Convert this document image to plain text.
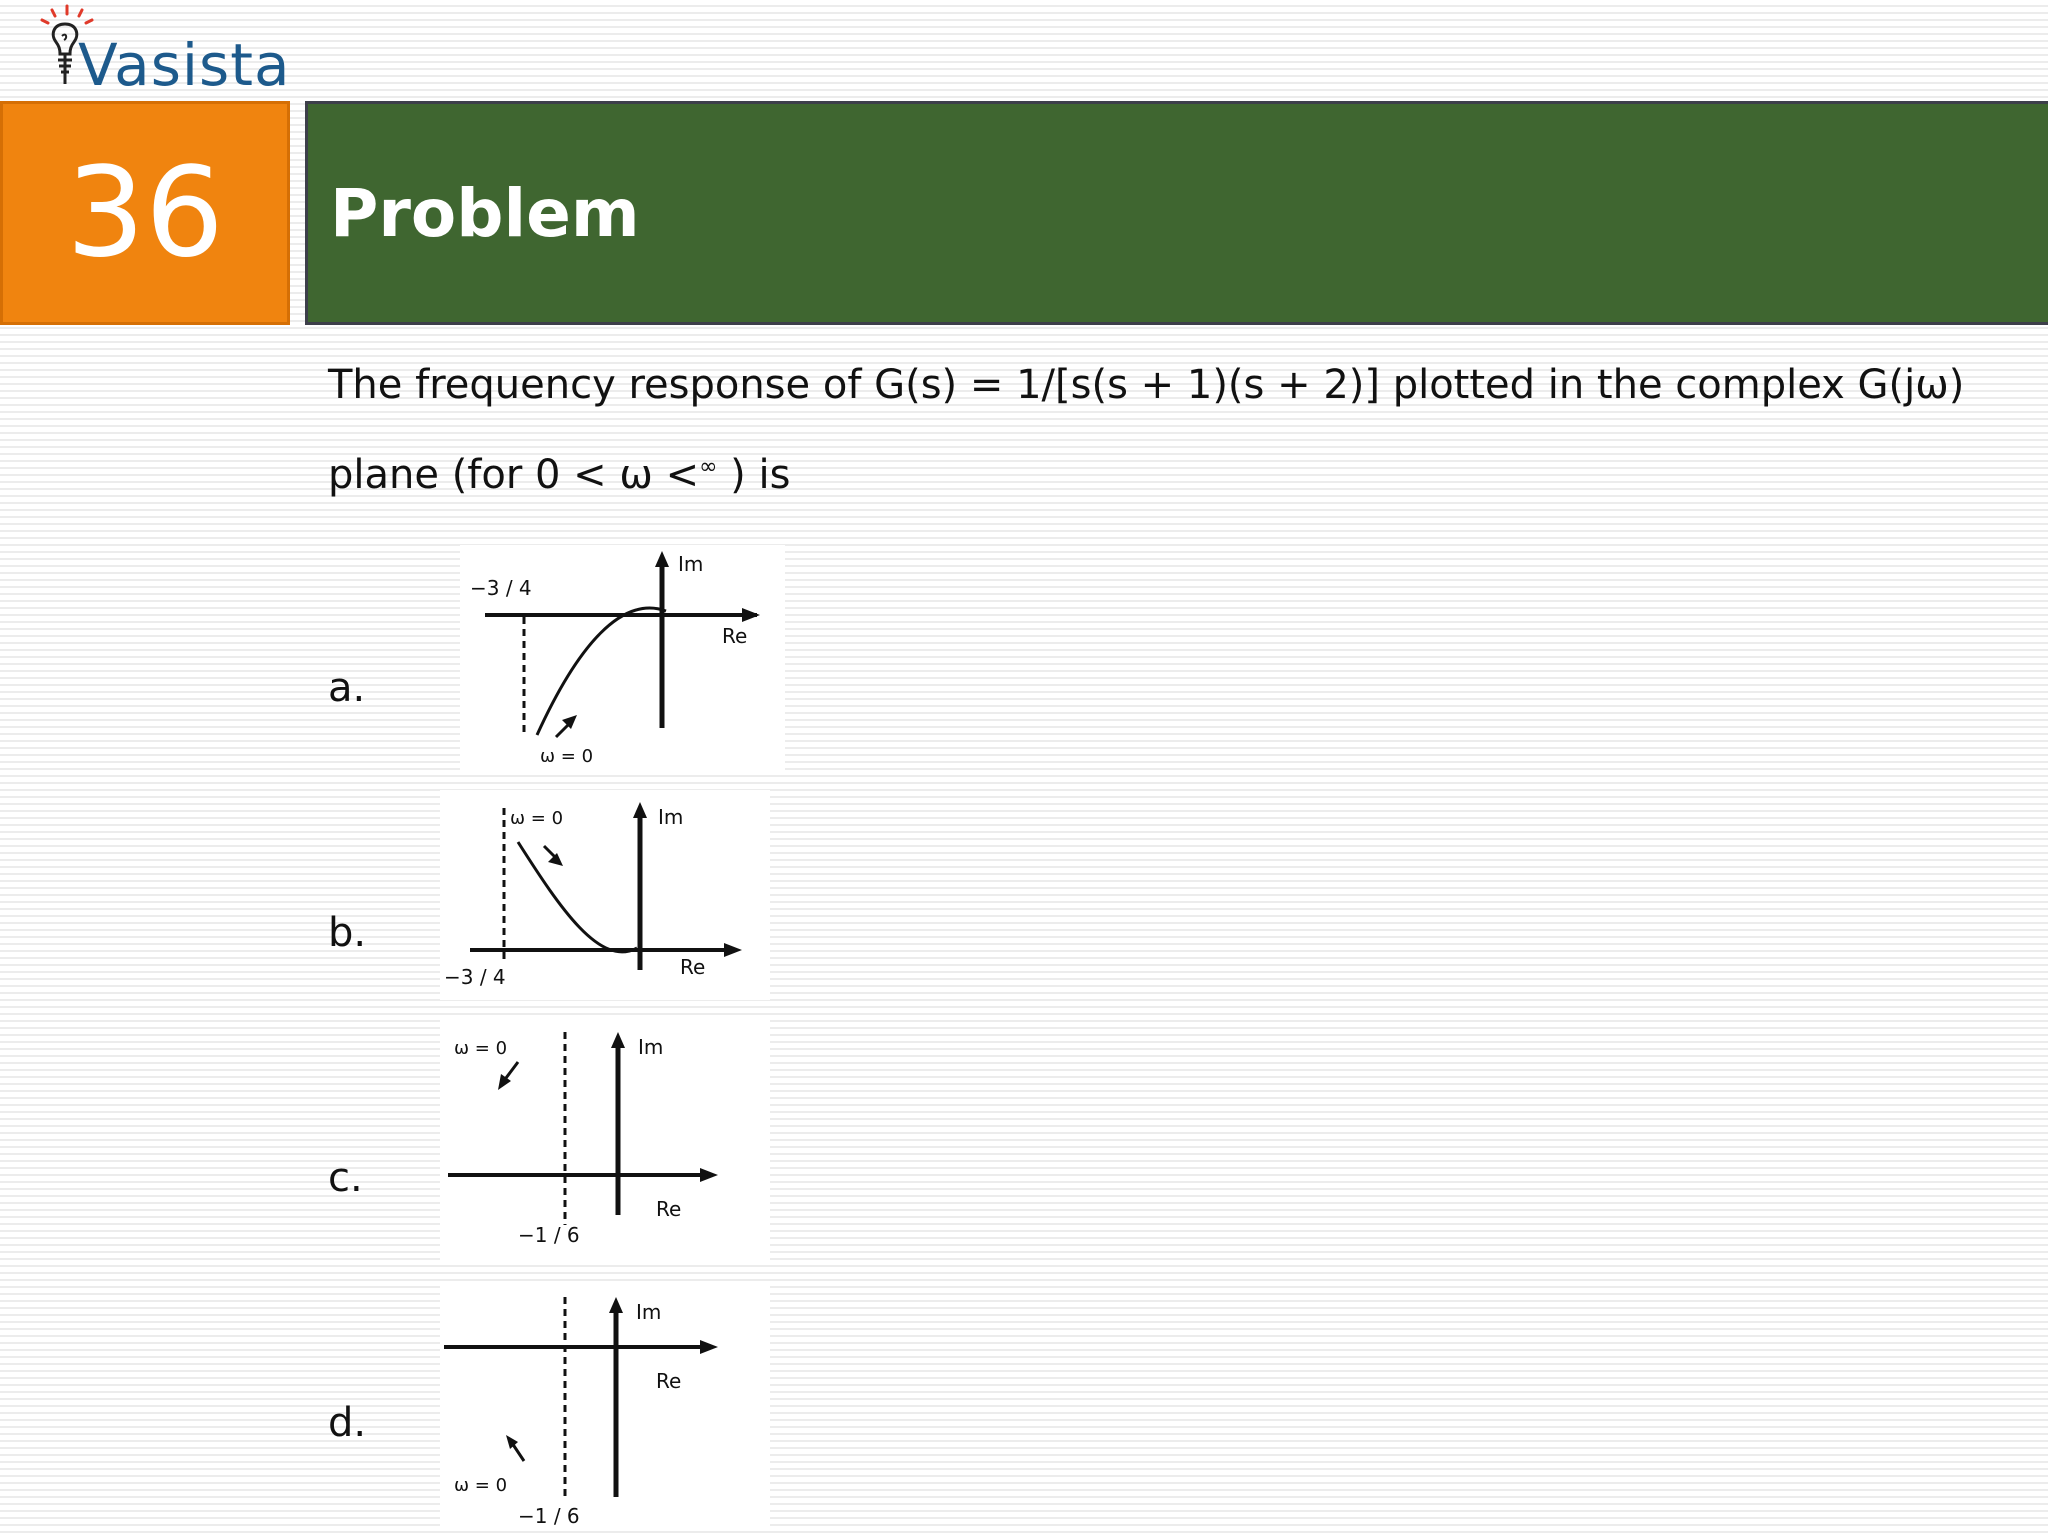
Vasista

36 Problem

The frequency response of G(s) = 1/[s(s + 1)(s + 2)] plotted in the complex G(jω)

plane (for 0 < ω <∞ ) is

a.
Im
Re
−3 / 4
ω = 0
b.
Im
Re
−3 / 4
ω = 0
c.
Im
Re
−1 / 6
ω = 0
d.
Im
Re
−1 / 6
ω = 0
